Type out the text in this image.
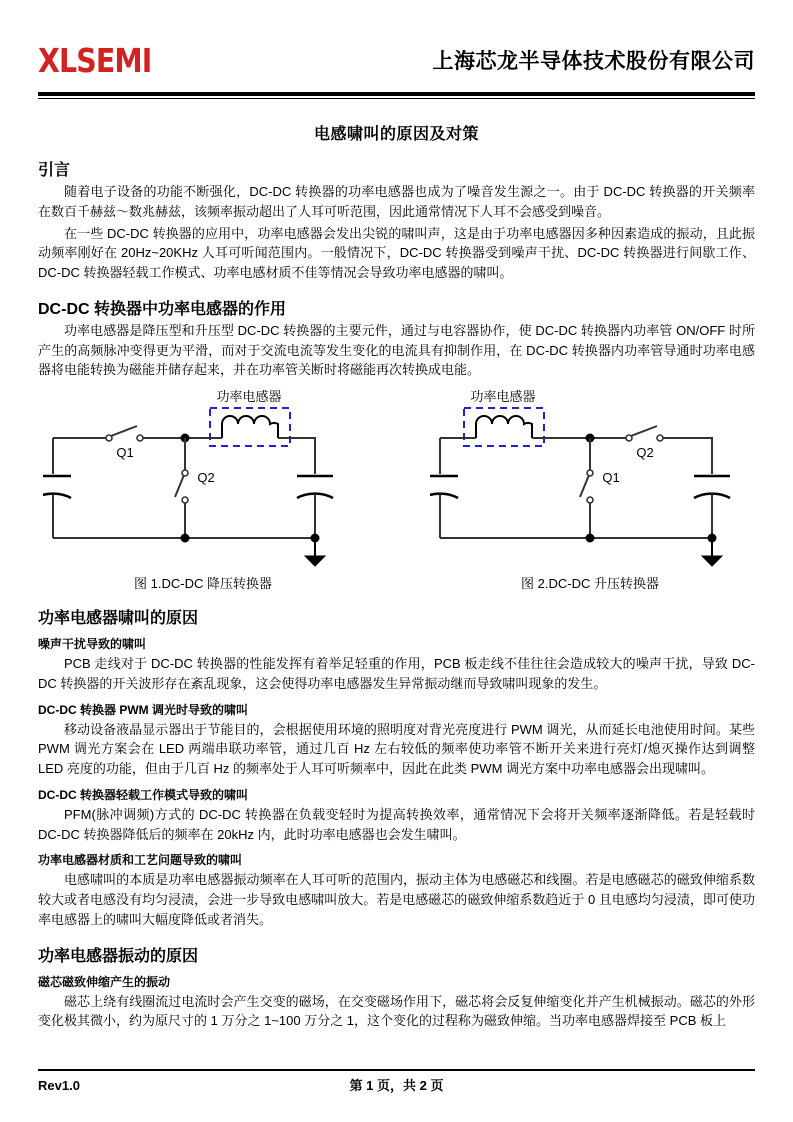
XLSEMI	上海芯龙半导体技术股份有限公司
电感啸叫的原因及对策
引言

随着电子设备的功能不断强化，DC-DC 转换器的功率电感器也成为了噪音发生源之一。由于 DC-DC 转换器的开关频率在数百千赫兹～数兆赫兹，该频率振动超出了人耳可听范围，因此通常情况下人耳不会感受到噪音。

在一些 DC-DC 转换器的应用中，功率电感器会发出尖锐的啸叫声，这是由于功率电感器因多种因素造成的振动，且此振动频率刚好在 20Hz~20KHz 人耳可听闻范围内。一般情况下，DC-DC 转换器受到噪声干扰、DC-DC 转换器进行间歇工作、DC-DC 转换器轻载工作模式、功率电感材质不佳等情况会导致功率电感器的啸叫。

DC-DC 转换器中功率电感器的作用

功率电感器是降压型和升压型 DC-DC 转换器的主要元件，通过与电容器协作，使 DC-DC 转换器内功率管 ON/OFF 时所产生的高频脉冲变得更为平滑，而对于交流电流等发生变化的电流具有抑制作用，在 DC-DC 转换器内功率管导通时功率电感器将电能转换为磁能并储存起来，并在功率管关断时将磁能再次转换成电能。

功率电感器
Q1
Q2
图 1.DC-DC 降压转换器
功率电感器
Q2
Q1
图 2.DC-DC 升压转换器
功率电感器啸叫的原因
噪声干扰导致的啸叫

PCB 走线对于 DC-DC 转换器的性能发挥有着举足轻重的作用，PCB 板走线不佳往往会造成较大的噪声干扰，导致 DC-DC 转换器的开关波形存在紊乱现象，这会使得功率电感器发生异常振动继而导致啸叫现象的发生。

DC-DC 转换器 PWM 调光时导致的啸叫

移动设备液晶显示器出于节能目的，会根据使用环境的照明度对背光亮度进行 PWM 调光，从而延长电池使用时间。某些 PWM 调光方案会在 LED 两端串联功率管，通过几百 Hz 左右较低的频率使功率管不断开关来进行亮灯/熄灭操作达到调整 LED 亮度的功能，但由于几百 Hz 的频率处于人耳可听频率中，因此在此类 PWM 调光方案中功率电感器会出现啸叫。

DC-DC 转换器轻载工作模式导致的啸叫

PFM(脉冲调频)方式的 DC-DC 转换器在负载变轻时为提高转换效率，通常情况下会将开关频率逐渐降低。若是轻载时 DC-DC 转换器降低后的频率在 20kHz 内，此时功率电感器也会发生啸叫。

功率电感器材质和工艺问题导致的啸叫

电感啸叫的本质是功率电感器振动频率在人耳可听的范围内，振动主体为电感磁芯和线圈。若是电感磁芯的磁致伸缩系数较大或者电感没有均匀浸渍，会进一步导致电感啸叫放大。若是电感磁芯的磁致伸缩系数趋近于 0 且电感均匀浸渍，即可使功率电感器上的啸叫大幅度降低或者消失。

功率电感器振动的原因
磁芯磁致伸缩产生的振动

磁芯上绕有线圈流过电流时会产生交变的磁场，在交变磁场作用下，磁芯将会反复伸缩变化并产生机械振动。磁芯的外形变化极其微小，约为原尺寸的 1 万分之 1~100 万分之 1，这个变化的过程称为磁致伸缩。当功率电感器焊接至 PCB 板上

Rev1.0	第 1 页，共 2 页
